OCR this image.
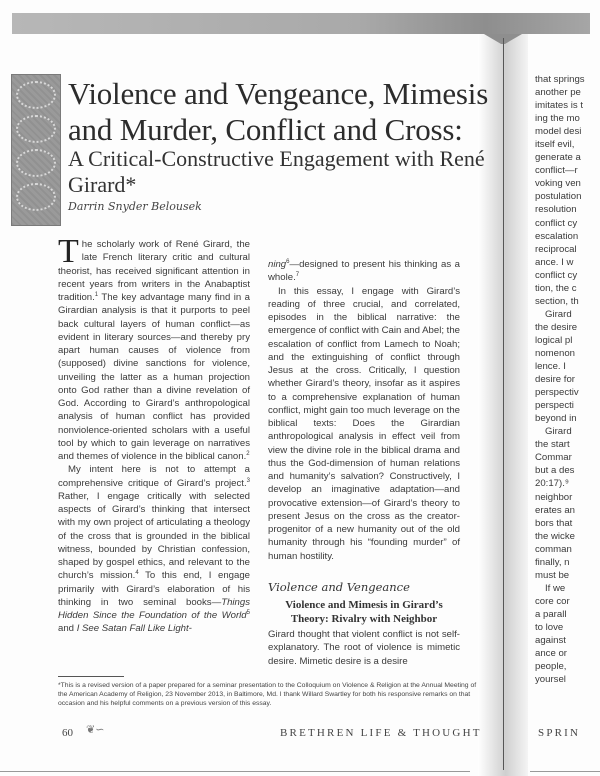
Violence and Vengeance, Mimesis and Murder, Conflict and Cross:
A Critical-Constructive Engagement with René Girard*
Darrin Snyder Belousek

The scholarly work of René Girard, the late French literary critic and cultural theorist, has received significant attention in recent years from writers in the Anabaptist tradition.$^1$ The key advantage many find in a Girardian analysis is that it purports to peel back cultural layers of human conflict—as evident in literary sources—and thereby pry apart human causes of violence from (supposed) divine sanctions for violence, unveiling the latter as a human projection onto God rather than a divine revelation of God. According to Girard’s anthropological analysis of human conflict has provided nonviolence-oriented scholars with a useful tool by which to gain leverage on narratives and themes of violence in the biblical canon.$^2$

My intent here is not to attempt a comprehensive critique of Girard’s project.$^3$ Rather, I engage critically with selected aspects of Girard’s thinking that intersect with my own project of articulating a theology of the cross that is grounded in the biblical witness, bounded by Christian confession, shaped by gospel ethics, and relevant to the church’s mission.$^4$ To this end, I engage primarily with Girard’s elaboration of his thinking in two seminal books—Things Hidden Since the Foundation of the World$^5$ and I See Satan Fall Like Light-

ning$^6$—designed to present his thinking as a whole.$^7$

In this essay, I engage with Girard’s reading of three crucial, and correlated, episodes in the biblical narrative: the emergence of conflict with Cain and Abel; the escalation of conflict from Lamech to Noah; and the extinguishing of conflict through Jesus at the cross. Critically, I question whether Girard’s theory, insofar as it aspires to a comprehensive explanation of human conflict, might gain too much leverage on the biblical texts: Does the Girardian anthropological analysis in effect veil from view the divine role in the biblical drama and thus the God-dimension of human relations and humanity’s salvation? Constructively, I develop an imaginative adaptation—and provocative extension—of Girard’s theory to present Jesus on the cross as the creator-progenitor of a new humanity out of the old humanity through his “founding murder” of human hostility.

Violence and Vengeance
Violence and Mimesis in Girard’s Theory: Rivalry with Neighbor

Girard thought that violent conflict is not self-explanatory. The root of violence is mimetic desire. Mimetic desire is a desire

*This is a revised version of a paper prepared for a seminar presentation to the Colloquium on Violence & Religion at the Annual Meeting of the American Academy of Religion, 23 November 2013, in Baltimore, Md. I thank Willard Swartley for both his responsive remarks on that occasion and his helpful comments on a previous version of this essay.
60 ❦∽	BRETHREN LIFE & THOUGHT
that springs
another pe
imitates is t
ing the mo
model desi
itself evil,
generate a
conflict—r
voking ven
postulation
resolution
conflict cy
escalation
reciprocal
ance. I w
conflict cy
tion, the c
section, th
Girard
the desire
logical pl
nomenon
lence. I
desire for
perspectiv
perspecti
beyond in
Girard
the start
Commar
but a des
20:17).⁹
neighbor
erates an
bors that
the wicke
comman
finally, n
must be
If we
core cor
a parall
to love
against
ance or
people,
yoursel
SPRIN
